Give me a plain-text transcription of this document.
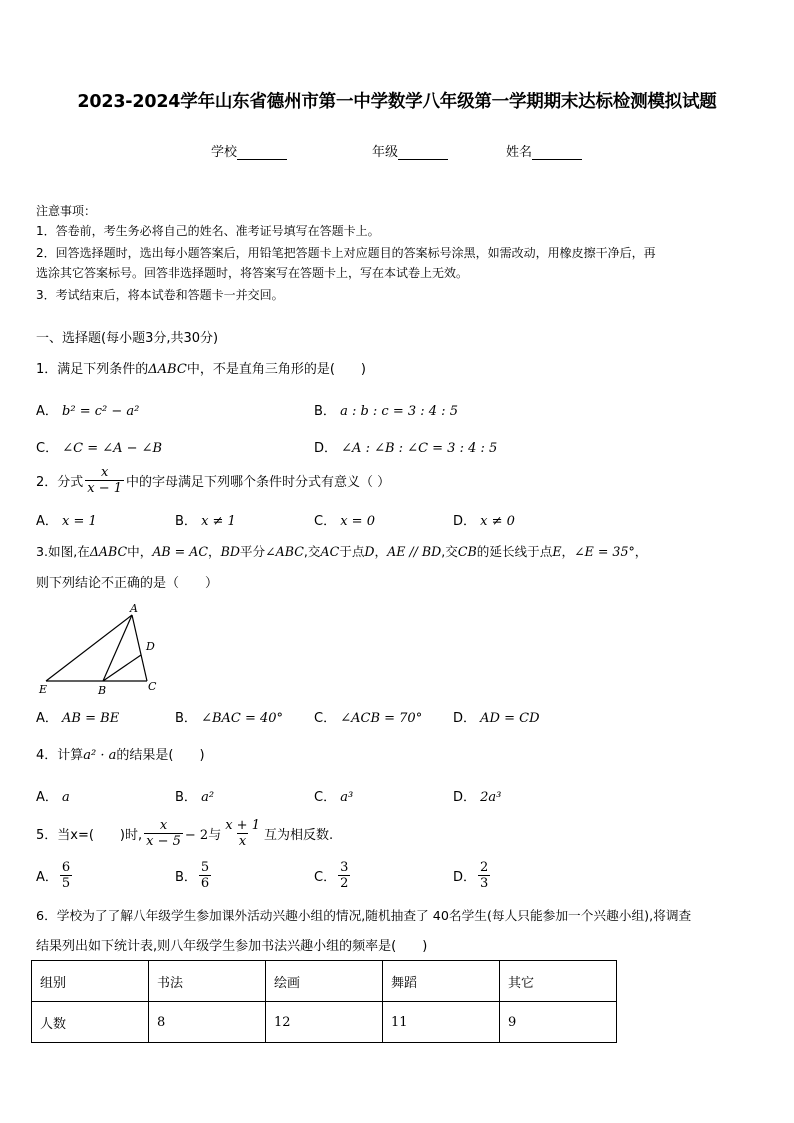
2023-2024学年山东省德州市第一中学数学八年级第一学期期末达标检测模拟试题
学校	年级	姓名
注意事项：
1．答卷前，考生务必将自己的姓名、准考证号填写在答题卡上。
2．回答选择题时，选出每小题答案后，用铅笔把答题卡上对应题目的答案标号涂黑，如需改动，用橡皮擦干净后，再
选涂其它答案标号。回答非选择题时，将答案写在答题卡上，写在本试卷上无效。
3．考试结束后，将本试卷和答题卡一并交回。
一、选择题(每小题3分,共30分)
1．满足下列条件的ΔABC中，不是直角三角形的是(　　)
A． b² = c² − a²	B． a : b : c = 3 : 4 : 5
C． ∠C = ∠A − ∠B	D． ∠A : ∠B : ∠C = 3 : 4 : 5
2．分式 $\frac{x}{x - 1}$ 中的字母满足下列哪个条件时分式有意义（ ）
A． x = 1	B． x ≠ 1	C． x = 0	D． x ≠ 0
3.如图,在ΔABC中，AB = AC，BD平分∠ABC,交AC于点D，AE // BD,交CB的延长线于点E，∠E = 35°，
则下列结论不正确的是（　　）
A
D
E	B	C
A． AB = BE	B． ∠BAC = 40° C． ∠ACB = 70° D． AD = CD
4．计算a² · a的结果是(　　)
A． a	B． a²	C． a³	D． 2a³
5．当x=(　　)时, $\frac{x}{x - 5} - 2$与 $\frac{x + 1}{x}$ 互为相反数.
A． $\frac{6}{5}$	B． $\frac{5}{6}$	C． $\frac{3}{2}$	D． $\frac{2}{3}$
6．学校为了了解八年级学生参加课外活动兴趣小组的情况,随机抽查了 40名学生(每人只能参加一个兴趣小组),将调查
结果列出如下统计表,则八年级学生参加书法兴趣小组的频率是(　　)
组别	书法	绘画	舞蹈	其它
人数	8	12	11	9
